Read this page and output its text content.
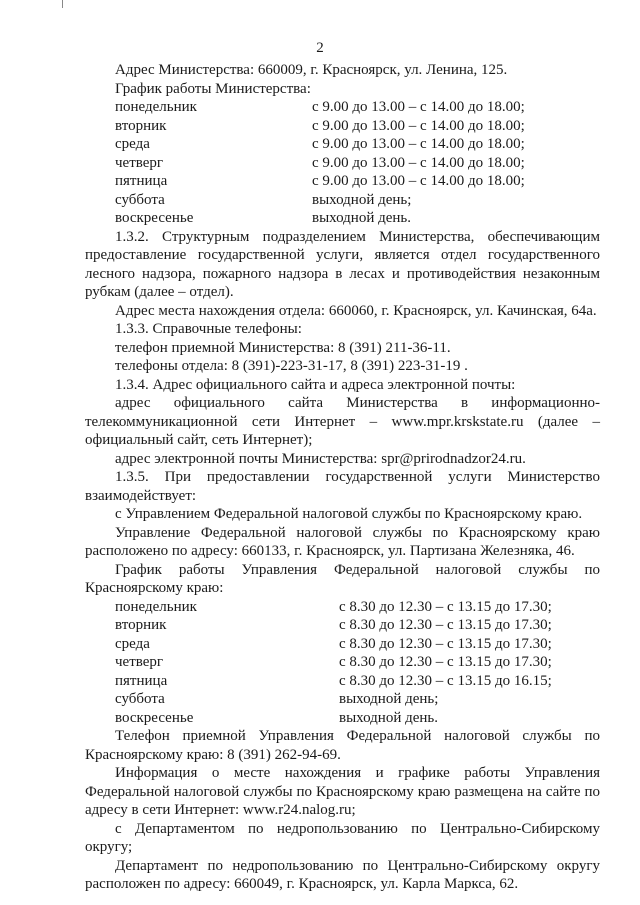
2

Адрес Министерства: 660009, г. Красноярск, ул. Ленина, 125.

График работы Министерства:

понедельник	с 9.00 до 13.00 – с 14.00 до 18.00;
вторник	с 9.00 до 13.00 – с 14.00 до 18.00;
среда	с 9.00 до 13.00 – с 14.00 до 18.00;
четверг	с 9.00 до 13.00 – с 14.00 до 18.00;
пятница	с 9.00 до 13.00 – с 14.00 до 18.00;
суббота	выходной день;
воскресенье	выходной день.

1.3.2. Структурным подразделением Министерства, обеспечивающим предоставление государственной услуги, является отдел государственного лесного надзора, пожарного надзора в лесах и противодействия незаконным рубкам (далее – отдел).

Адрес места нахождения отдела: 660060, г. Красноярск, ул. Качинская, 64а.

1.3.3. Справочные телефоны:

телефон приемной Министерства: 8 (391) 211-36-11.

телефоны отдела: 8 (391)-223-31-17, 8 (391) 223-31-19 .

1.3.4. Адрес официального сайта и адреса электронной почты:

адрес официального сайта Министерства в информационно-телекоммуникационной сети Интернет – www.mpr.krskstate.ru (далее – официальный сайт, сеть Интернет);

адрес электронной почты Министерства: spr@prirodnadzor24.ru.

1.3.5. При предоставлении государственной услуги Министерство взаимодействует:

с Управлением Федеральной налоговой службы по Красноярскому краю.

Управление Федеральной налоговой службы по Красноярскому краю расположено по адресу: 660133, г. Красноярск, ул. Партизана Железняка, 46.

График работы Управления Федеральной налоговой службы по Красноярскому краю:

понедельник	с 8.30 до 12.30 – с 13.15 до 17.30;
вторник	с 8.30 до 12.30 – с 13.15 до 17.30;
среда	с 8.30 до 12.30 – с 13.15 до 17.30;
четверг	с 8.30 до 12.30 – с 13.15 до 17.30;
пятница	с 8.30 до 12.30 – с 13.15 до 16.15;
суббота	выходной день;
воскресенье	выходной день.

Телефон приемной Управления Федеральной налоговой службы по Красноярскому краю: 8 (391) 262-94-69.

Информация о месте нахождения и графике работы Управления Федеральной налоговой службы по Красноярскому краю размещена на сайте по адресу в сети Интернет: www.r24.nalog.ru;

с Департаментом по недропользованию по Центрально-Сибирскому округу;

Департамент по недропользованию по Центрально-Сибирскому округу расположен по адресу: 660049, г. Красноярск, ул. Карла Маркса, 62.
